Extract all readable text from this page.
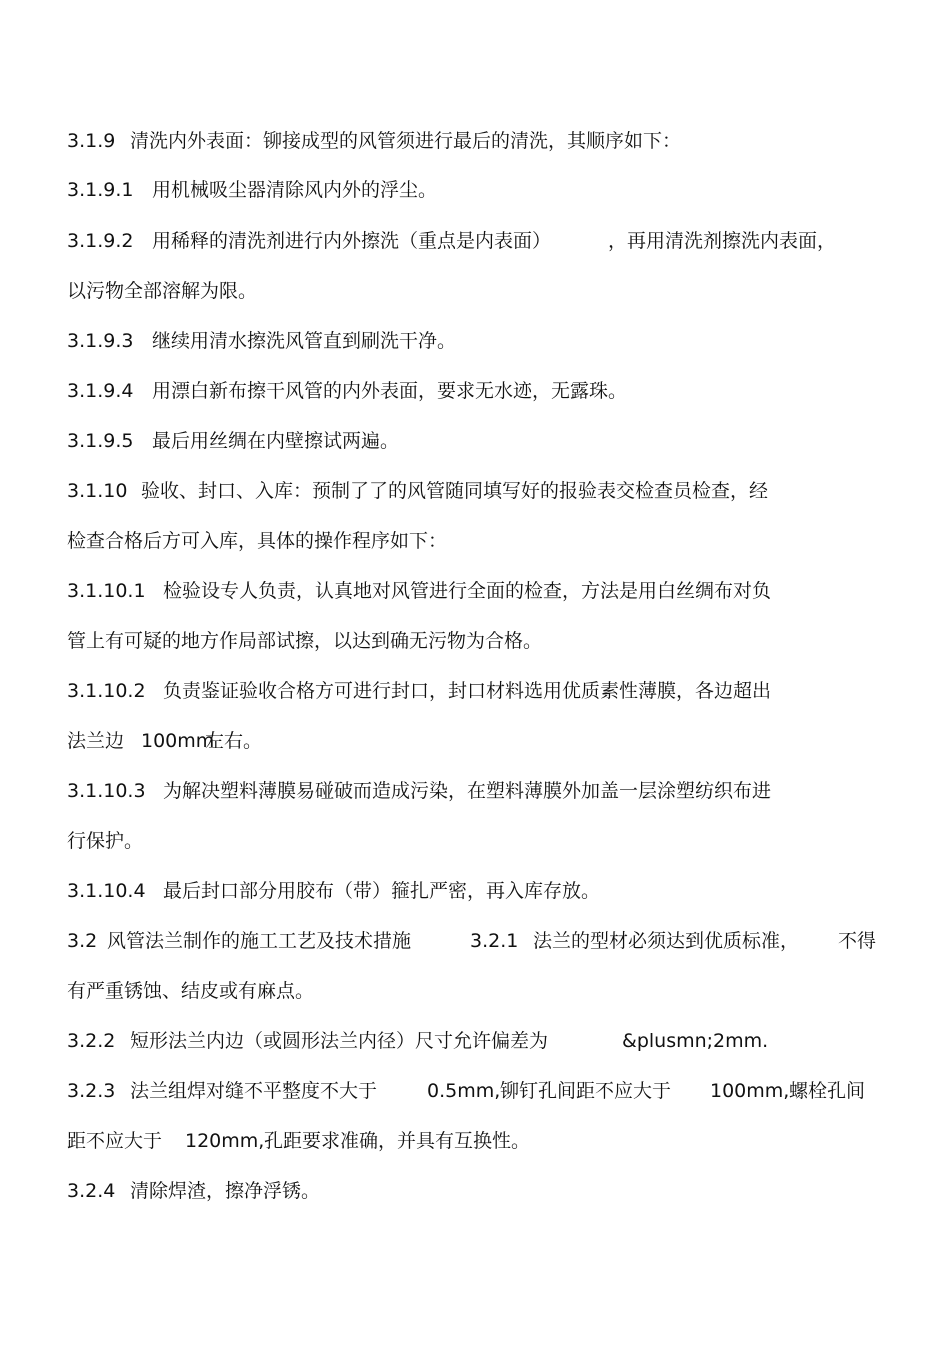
3.1.9

清洗内外表面：铆接成型的风管须进行最后的清洗，其顺序如下：

3.1.9.1

用机械吸尘器清除风内外的浮尘。

3.1.9.2

用稀释的清洗剂进行内外擦洗（重点是内表面）

	，再用清洗剂擦洗内表面，

以污物全部溶解为限。

3.1.9.3

继续用清水擦洗风管直到刷洗干净。

3.1.9.4

用漂白新布擦干风管的内外表面，要求无水迹，无露珠。

3.1.9.5

最后用丝绸在内壁擦试两遍。

3.1.10

验收、封口、入库：预制了了的风管随同填写好的报验表交检查员检查，经

检查合格后方可入库，具体的操作程序如下：

3.1.10.1

检验设专人负责，认真地对风管进行全面的检查，方法是用白丝绸布对负

管上有可疑的地方作局部试擦，以达到确无污物为合格。

3.1.10.2

负责鉴证验收合格方可进行封口，封口材料选用优质素性薄膜，各边超出

法兰边

100mm

左右。

3.1.10.3

为解决塑料薄膜易碰破而造成污染，在塑料薄膜外加盖一层涂塑纺织布进

行保护。

3.1.10.4

最后封口部分用胶布（带）箍扎严密，再入库存放。

3.2

风管法兰制作的施工工艺及技术措施

	3.2.1

法兰的型材必须达到优质标准，

不得

有严重锈蚀、结皮或有麻点。

3.2.2

短形法兰内边（或圆形法兰内径）尺寸允许偏差为

	&plusmn;2mm.

3.2.3

法兰组焊对缝不平整度不大于

	0.5mm,

铆钉孔间距不应大于

100mm,

螺栓孔间

距不应大于

120mm,

孔距要求准确，并具有互换性。

3.2.4

清除焊渣，擦净浮锈。
